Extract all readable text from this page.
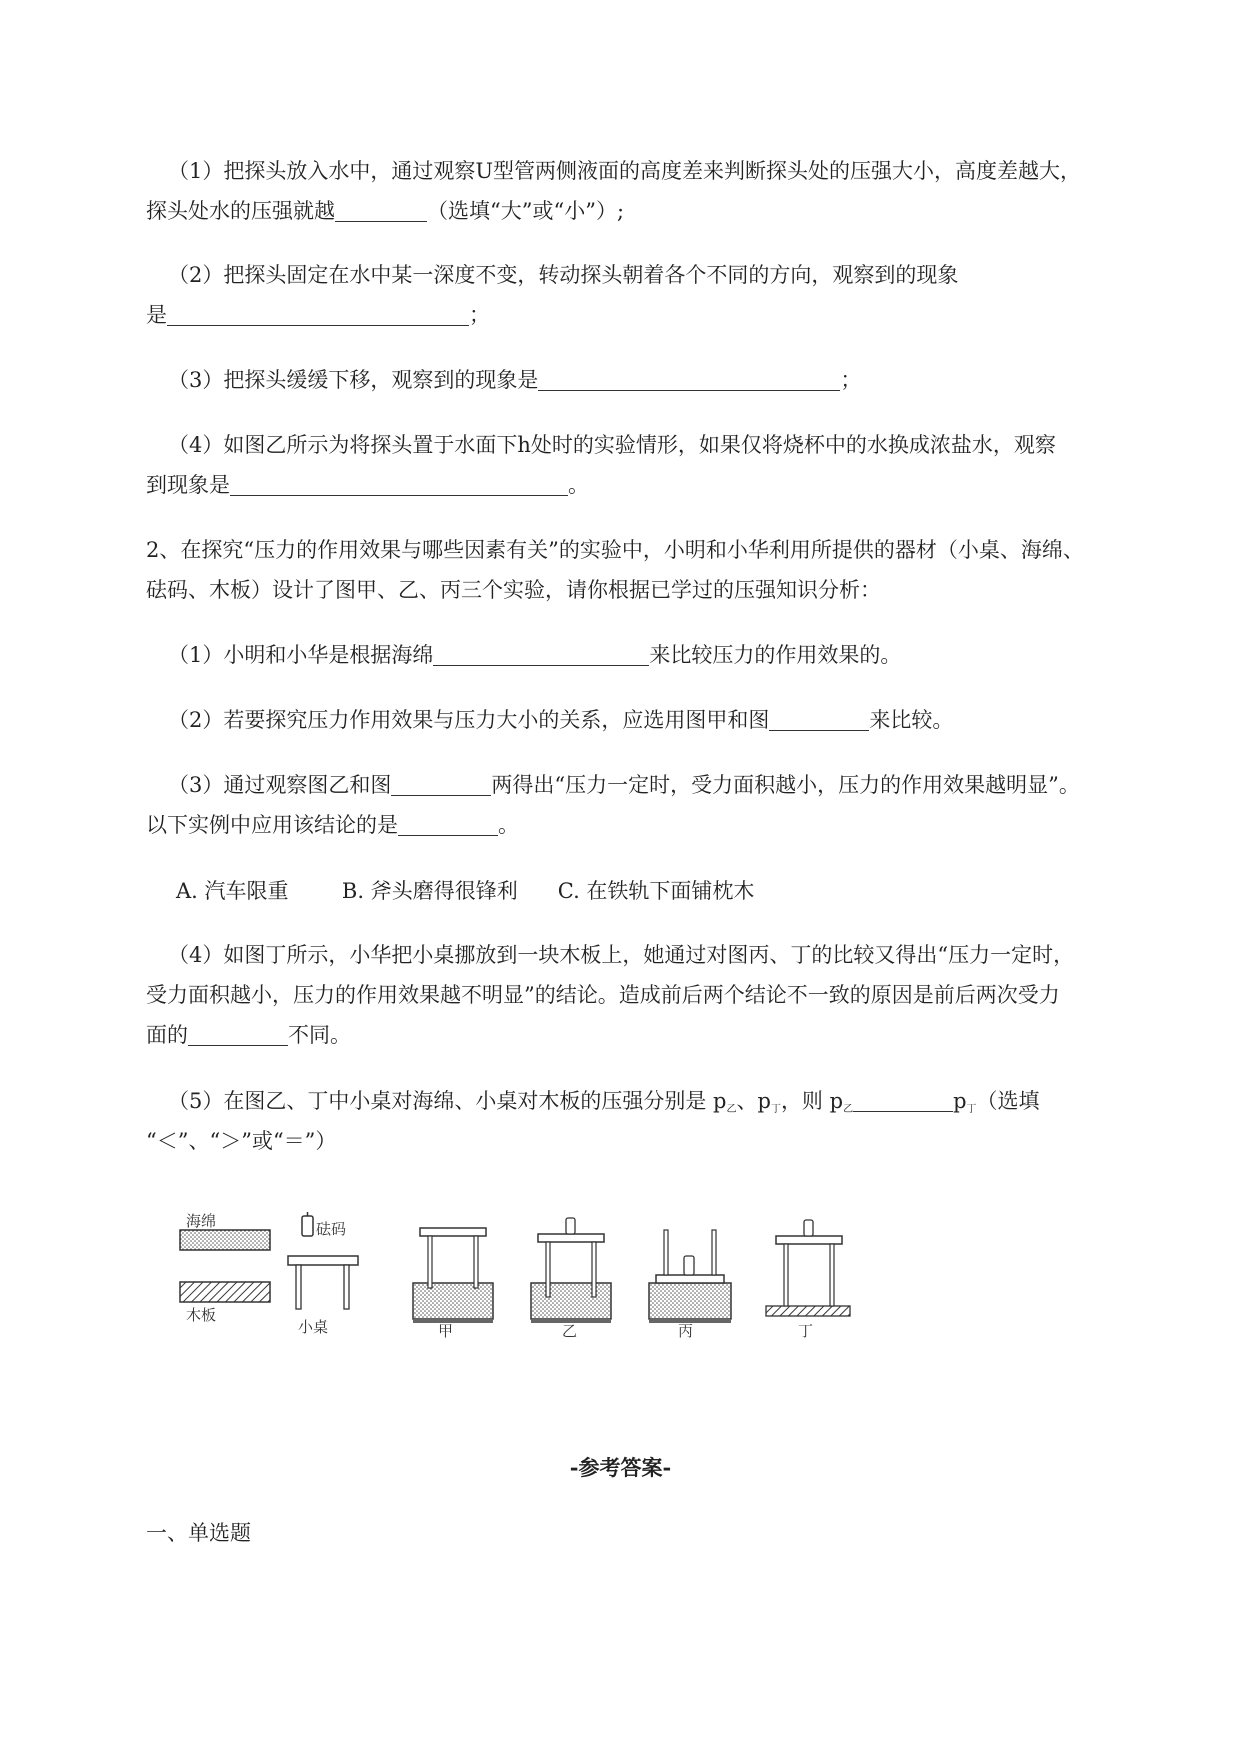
（1）把探头放入水中，通过观察U型管两侧液面的高度差来判断探头处的压强大小，高度差越大，
探头处水的压强就越	（选填“大”或“小”）;
（2）把探头固定在水中某一深度不变，转动探头朝着各个不同的方向，观察到的现象
是	；
（3）把探头缓缓下移，观察到的现象是	；
（4）如图乙所示为将探头置于水面下h处时的实验情形，如果仅将烧杯中的水换成浓盐水，观察
到现象是	。
2、在探究“压力的作用效果与哪些因素有关”的实验中，小明和小华利用所提供的器材（小桌、海绵、
砝码、木板）设计了图甲、乙、丙三个实验，请你根据已学过的压强知识分析：
（1）小明和小华是根据海绵	来比较压力的作用效果的。
（2）若要探究压力作用效果与压力大小的关系，应选用图甲和图	来比较。
（3）通过观察图乙和图	两得出“压力一定时，受力面积越小，压力的作用效果越明显”。
以下实例中应用该结论的是	。
A. 汽车限重        B. 斧头磨得很锋利      C. 在铁轨下面铺枕木
（4）如图丁所示，小华把小桌挪放到一块木板上，她通过对图丙、丁的比较又得出“压力一定时，
受力面积越小，压力的作用效果越不明显”的结论。造成前后两个结论不一致的原因是前后两次受力
面的	不同。
（5）在图乙、丁中小桌对海绵、小桌对木板的压强分别是 $p_乙$、$p_丁$，则 $p_乙$	$p_丁$（选填
“＜”、“＞”或“＝”）
海绵
木板
砝码
小桌	甲	乙	丙	丁
-参考答案-
一、单选题
